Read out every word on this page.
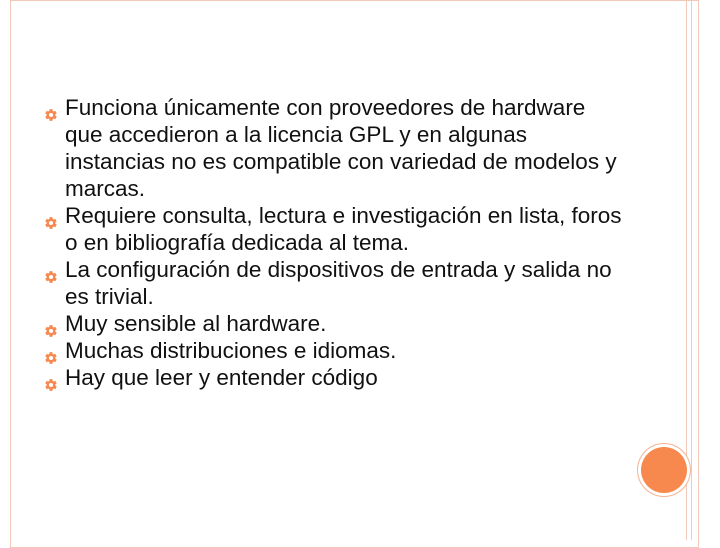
Funciona únicamente con proveedores de hardware que accedieron a la licencia GPL y en algunas instancias no es compatible con variedad de modelos y marcas.
Requiere consulta, lectura e investigación en lista, foros o en bibliografía dedicada al tema.
La configuración de dispositivos de entrada y salida no es trivial.
Muy sensible al hardware.
Muchas distribuciones e idiomas.
Hay que leer y entender código
